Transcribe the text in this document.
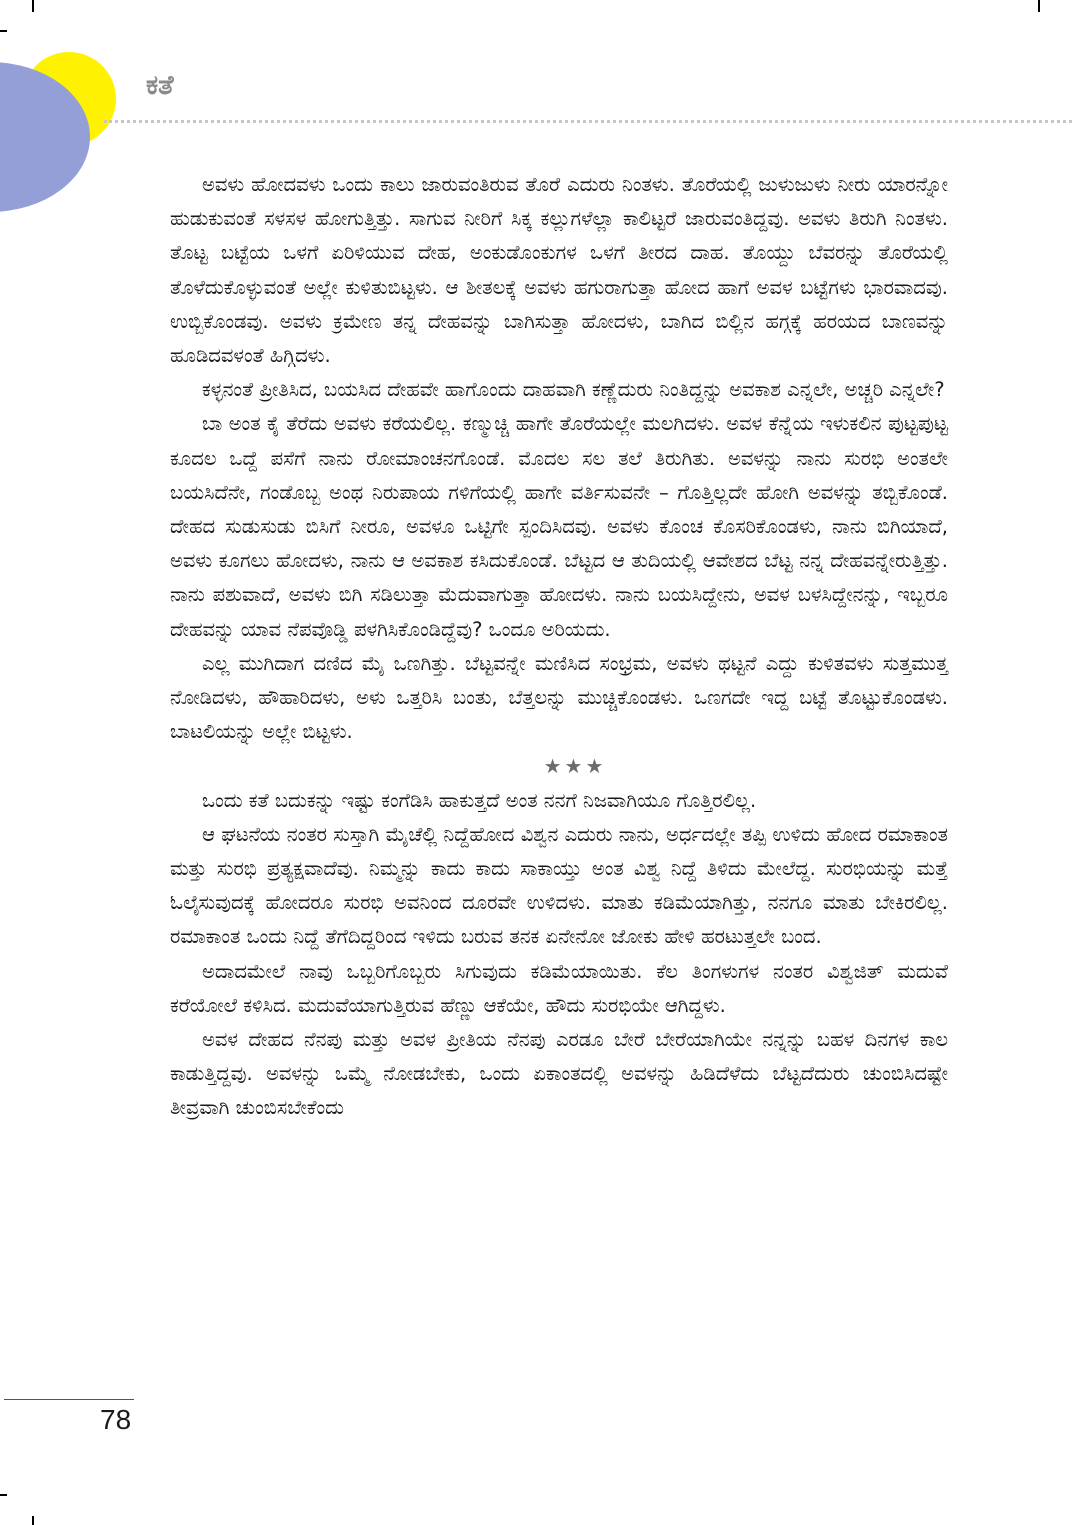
ಕತೆ

ಅವಳು ಹೋದವಳು ಒಂದು ಕಾಲು ಜಾರುವಂತಿರುವ ತೊರೆ ಎದುರು ನಿಂತಳು. ತೊರೆಯಲ್ಲಿ ಜುಳುಜುಳು ನೀರು ಯಾರನ್ನೋ ಹುಡುಕುವಂತೆ ಸಳಸಳ ಹೋಗುತ್ತಿತ್ತು. ಸಾಗುವ ನೀರಿಗೆ ಸಿಕ್ಕ ಕಲ್ಲುಗಳೆಲ್ಲಾ ಕಾಲಿಟ್ಟರೆ ಜಾರುವಂತಿದ್ದವು. ಅವಳು ತಿರುಗಿ ನಿಂತಳು. ತೊಟ್ಟ ಬಟ್ಟೆಯ ಒಳಗೆ ಏರಿಳಿಯುವ ದೇಹ, ಅಂಕುಡೊಂಕುಗಳ ಒಳಗೆ ತೀರದ ದಾಹ. ತೊಯ್ದು ಬೆವರನ್ನು ತೊರೆಯಲ್ಲಿ ತೊಳೆದುಕೊಳ್ಳುವಂತೆ ಅಲ್ಲೇ ಕುಳಿತುಬಿಟ್ಟಳು. ಆ ಶೀತಲಕ್ಕೆ ಅವಳು ಹಗುರಾಗುತ್ತಾ ಹೋದ ಹಾಗೆ ಅವಳ ಬಟ್ಟೆಗಳು ಭಾರವಾದವು. ಉಬ್ಬಿಕೊಂಡವು. ಅವಳು ಕ್ರಮೇಣ ತನ್ನ ದೇಹವನ್ನು ಬಾಗಿಸುತ್ತಾ ಹೋದಳು, ಬಾಗಿದ ಬಿಲ್ಲಿನ ಹಗ್ಗಕ್ಕೆ ಹರಯದ ಬಾಣವನ್ನು ಹೂಡಿದವಳಂತೆ ಹಿಗ್ಗಿದಳು.

ಕಳ್ಳನಂತೆ ಪ್ರೀತಿಸಿದ, ಬಯಸಿದ ದೇಹವೇ ಹಾಗೊಂದು ದಾಹವಾಗಿ ಕಣ್ಣೆದುರು ನಿಂತಿದ್ದನ್ನು ಅವಕಾಶ ಎನ್ನಲೇ, ಅಚ್ಚರಿ ಎನ್ನಲೇ?

ಬಾ ಅಂತ ಕೈ ತೆರೆದು ಅವಳು ಕರೆಯಲಿಲ್ಲ. ಕಣ್ಮುಚ್ಚಿ ಹಾಗೇ ತೊರೆಯಲ್ಲೇ ಮಲಗಿದಳು. ಅವಳ ಕೆನ್ನೆಯ ಇಳುಕಲಿನ ಪುಟ್ಟಪುಟ್ಟ ಕೂದಲ ಒದ್ದೆ ಪಸೆಗೆ ನಾನು ರೋಮಾಂಚನಗೊಂಡೆ. ಮೊದಲ ಸಲ ತಲೆ ತಿರುಗಿತು. ಅವಳನ್ನು ನಾನು ಸುರಭಿ ಅಂತಲೇ ಬಯಸಿದೆನೇ, ಗಂಡೊಬ್ಬ ಅಂಥ ನಿರುಪಾಯ ಗಳಿಗೆಯಲ್ಲಿ ಹಾಗೇ ವರ್ತಿಸುವನೇ – ಗೊತ್ತಿಲ್ಲದೇ ಹೋಗಿ ಅವಳನ್ನು ತಬ್ಬಿಕೊಂಡೆ. ದೇಹದ ಸುಡುಸುಡು ಬಿಸಿಗೆ ನೀರೂ, ಅವಳೂ ಒಟ್ಟಿಗೇ ಸ್ಪಂದಿಸಿದವು. ಅವಳು ಕೊಂಚ ಕೊಸರಿಕೊಂಡಳು, ನಾನು ಬಿಗಿಯಾದೆ, ಅವಳು ಕೂಗಲು ಹೋದಳು, ನಾನು ಆ ಅವಕಾಶ ಕಸಿದುಕೊಂಡೆ. ಬೆಟ್ಟದ ಆ ತುದಿಯಲ್ಲಿ ಆವೇಶದ ಬೆಟ್ಟ ನನ್ನ ದೇಹವನ್ನೇರುತ್ತಿತ್ತು. ನಾನು ಪಶುವಾದೆ, ಅವಳು ಬಿಗಿ ಸಡಿಲುತ್ತಾ ಮೆದುವಾಗುತ್ತಾ ಹೋದಳು. ನಾನು ಬಯಸಿದ್ದೇನು, ಅವಳ ಬಳಸಿದ್ದೇನನ್ನು, ಇಬ್ಬರೂ ದೇಹವನ್ನು ಯಾವ ನೆಪವೊಡ್ಡಿ ಪಳಗಿಸಿಕೊಂಡಿದ್ದೆವು? ಒಂದೂ ಅರಿಯದು.

ಎಲ್ಲ ಮುಗಿದಾಗ ದಣಿದ ಮೈ ಒಣಗಿತ್ತು. ಬೆಟ್ಟವನ್ನೇ ಮಣಿಸಿದ ಸಂಭ್ರಮ, ಅವಳು ಥಟ್ಟನೆ ಎದ್ದು ಕುಳಿತವಳು ಸುತ್ತಮುತ್ತ ನೋಡಿದಳು, ಹೌಹಾರಿದಳು, ಅಳು ಒತ್ತರಿಸಿ ಬಂತು, ಬೆತ್ತಲನ್ನು ಮುಚ್ಚಿಕೊಂಡಳು. ಒಣಗದೇ ಇದ್ದ ಬಟ್ಟೆ ತೊಟ್ಟುಕೊಂಡಳು. ಬಾಟಲಿಯನ್ನು ಅಲ್ಲೇ ಬಿಟ್ಟಳು.

★★★

ಒಂದು ಕತೆ ಬದುಕನ್ನು ಇಷ್ಟು ಕಂಗೆಡಿಸಿ ಹಾಕುತ್ತದೆ ಅಂತ ನನಗೆ ನಿಜವಾಗಿಯೂ ಗೊತ್ತಿರಲಿಲ್ಲ.

ಆ ಘಟನೆಯ ನಂತರ ಸುಸ್ತಾಗಿ ಮೈಚೆಲ್ಲಿ ನಿದ್ದೆಹೋದ ವಿಶ್ವನ ಎದುರು ನಾನು, ಅರ್ಧದಲ್ಲೇ ತಪ್ಪಿ ಉಳಿದು ಹೋದ ರಮಾಕಾಂತ ಮತ್ತು ಸುರಭಿ ಪ್ರತ್ಯಕ್ಷವಾದೆವು. ನಿಮ್ಮನ್ನು ಕಾದು ಕಾದು ಸಾಕಾಯ್ತು ಅಂತ ವಿಶ್ವ ನಿದ್ದೆ ತಿಳಿದು ಮೇಲೆದ್ದ. ಸುರಭಿಯನ್ನು ಮತ್ತೆ ಓಲೈಸುವುದಕ್ಕೆ ಹೋದರೂ ಸುರಭಿ ಅವನಿಂದ ದೂರವೇ ಉಳಿದಳು. ಮಾತು ಕಡಿಮೆಯಾಗಿತ್ತು, ನನಗೂ ಮಾತು ಬೇಕಿರಲಿಲ್ಲ. ರಮಾಕಾಂತ ಒಂದು ನಿದ್ದೆ ತೆಗೆದಿದ್ದರಿಂದ ಇಳಿದು ಬರುವ ತನಕ ಏನೇನೋ ಜೋಕು ಹೇಳಿ ಹರಟುತ್ತಲೇ ಬಂದ.

ಅದಾದಮೇಲೆ ನಾವು ಒಬ್ಬರಿಗೊಬ್ಬರು ಸಿಗುವುದು ಕಡಿಮೆಯಾಯಿತು. ಕೆಲ ತಿಂಗಳುಗಳ ನಂತರ ವಿಶ್ವಜಿತ್ ಮದುವೆ ಕರೆಯೋಲೆ ಕಳಿಸಿದ. ಮದುವೆಯಾಗುತ್ತಿರುವ ಹೆಣ್ಣು ಆಕೆಯೇ, ಹೌದು ಸುರಭಿಯೇ ಆಗಿದ್ದಳು.

ಅವಳ ದೇಹದ ನೆನಪು ಮತ್ತು ಅವಳ ಪ್ರೀತಿಯ ನೆನಪು ಎರಡೂ ಬೇರೆ ಬೇರೆಯಾಗಿಯೇ ನನ್ನನ್ನು ಬಹಳ ದಿನಗಳ ಕಾಲ ಕಾಡುತ್ತಿದ್ದವು. ಅವಳನ್ನು ಒಮ್ಮೆ ನೋಡಬೇಕು, ಒಂದು ಏಕಾಂತದಲ್ಲಿ ಅವಳನ್ನು ಹಿಡಿದೆಳೆದು ಬೆಟ್ಟದೆದುರು ಚುಂಬಿಸಿದಷ್ಟೇ ತೀವ್ರವಾಗಿ ಚುಂಬಿಸಬೇಕೆಂದು

78
